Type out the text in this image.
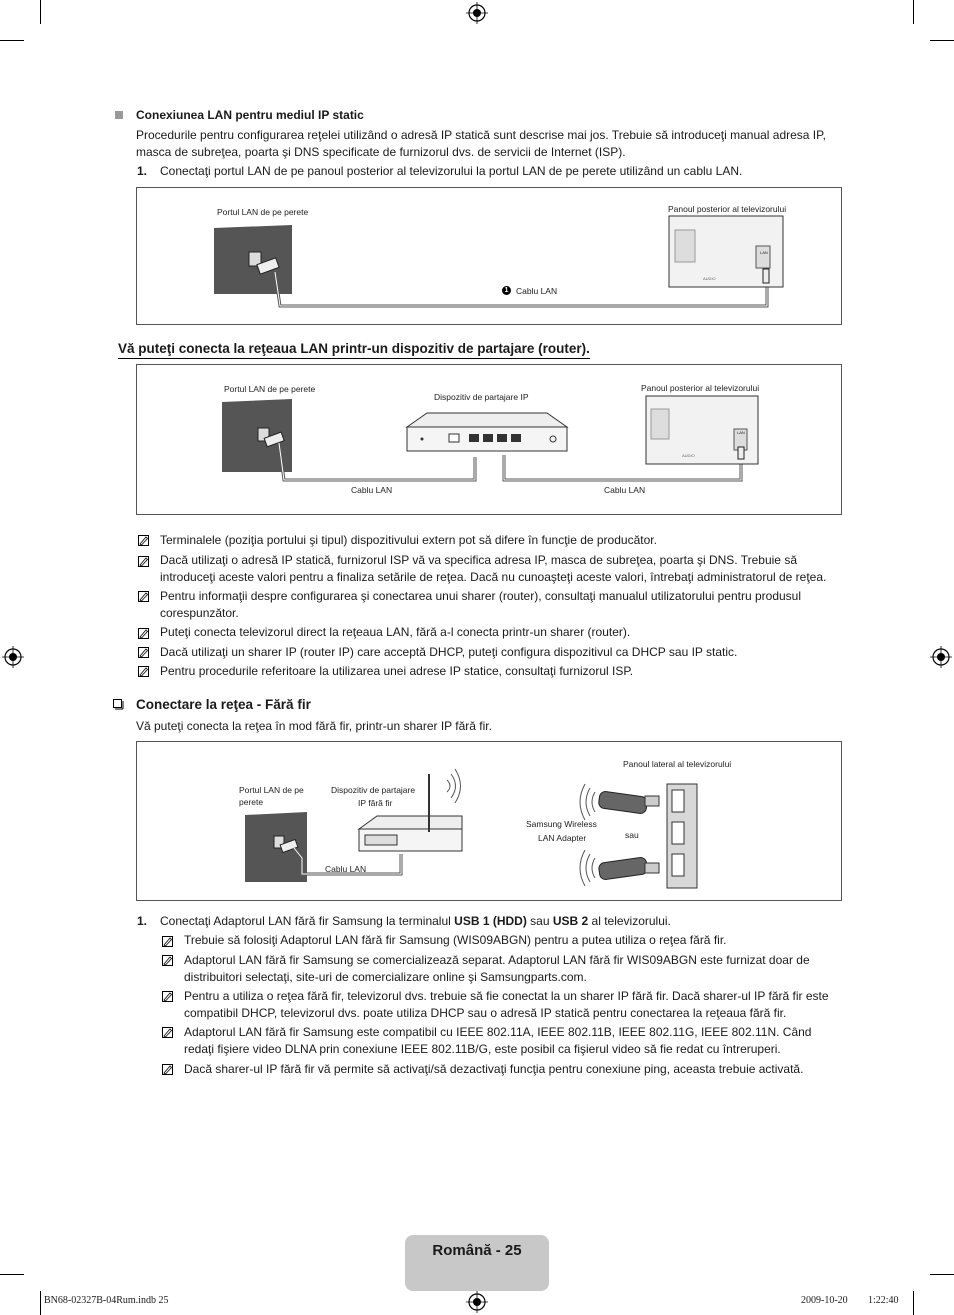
Conexiunea LAN pentru mediul IP static
Procedurile pentru configurarea reţelei utilizând o adresă IP statică sunt descrise mai jos. Trebuie să introduceţi manual adresa IP, masca de subreţea, poarta şi DNS specificate de furnizorul dvs. de servicii de Internet (ISP).
1. Conectaţi portul LAN de pe panoul posterior al televizorului la portul LAN de pe perete utilizând un cablu LAN.
Portul LAN de pe perete	Panoul posterior al televizorului
AUDIO
LAN
1 Cablu LAN
Vă puteţi conecta la reţeaua LAN printr-un dispozitiv de partajare (router).
Portul LAN de pe perete
Dispozitiv de partajare IP
Panoul posterior al televizorului
AUDIO
LAN
Cablu LAN	Cablu LAN
Terminalele (poziţia portului şi tipul) dispozitivului extern pot să difere în funcţie de producător.
Dacă utilizaţi o adresă IP statică, furnizorul ISP vă va specifica adresa IP, masca de subreţea, poarta şi DNS. Trebuie să
introduceţi aceste valori pentru a finaliza setările de reţea. Dacă nu cunoaşteţi aceste valori, întrebaţi administratorul de reţea.
Pentru informaţii despre configurarea şi conectarea unui sharer (router), consultaţi manualul utilizatorului pentru produsul
corespunzător.
Puteţi conecta televizorul direct la reţeaua LAN, fără a-l conecta printr-un sharer (router).
Dacă utilizaţi un sharer IP (router IP) care acceptă DHCP, puteţi configura dispozitivul ca DHCP sau IP static.
Pentru procedurile referitoare la utilizarea unei adrese IP statice, consultaţi furnizorul ISP.
Conectare la reţea - Fără fir
Vă puteţi conecta la reţea în mod fără fir, printr-un sharer IP fără fir.
Portul LAN de pe
perete
Dispozitiv de partajare
IP fără fir
Cablu LAN
Samsung Wireless
LAN Adapter	sau
Panoul lateral al televizorului
1. Conectaţi Adaptorul LAN fără fir Samsung la terminalul USB 1 (HDD) sau USB 2 al televizorului.
Trebuie să folosiţi Adaptorul LAN fără fir Samsung (WIS09ABGN) pentru a putea utiliza o reţea fără fir.
Adaptorul LAN fără fir Samsung se comercializează separat. Adaptorul LAN fără fir WIS09ABGN este furnizat doar de
distribuitori selectaţi, site-uri de comercializare online şi Samsungparts.com.
Pentru a utiliza o reţea fără fir, televizorul dvs. trebuie să fie conectat la un sharer IP fără fir. Dacă sharer-ul IP fără fir este
compatibil DHCP, televizorul dvs. poate utiliza DHCP sau o adresă IP statică pentru conectarea la reţeaua fără fir.
Adaptorul LAN fără fir Samsung este compatibil cu IEEE 802.11A, IEEE 802.11B, IEEE 802.11G, IEEE 802.11N. Când
redaţi fişiere video DLNA prin conexiune IEEE 802.11B/G, este posibil ca fişierul video să fie redat cu întreruperi.
Dacă sharer-ul IP fără fir vă permite să activaţi/să dezactivaţi funcţia pentru conexiune ping, aceasta trebuie activată.
Română - 25
BN68-02327B-04Rum.indb 25	2009-10-20 1:22:40
